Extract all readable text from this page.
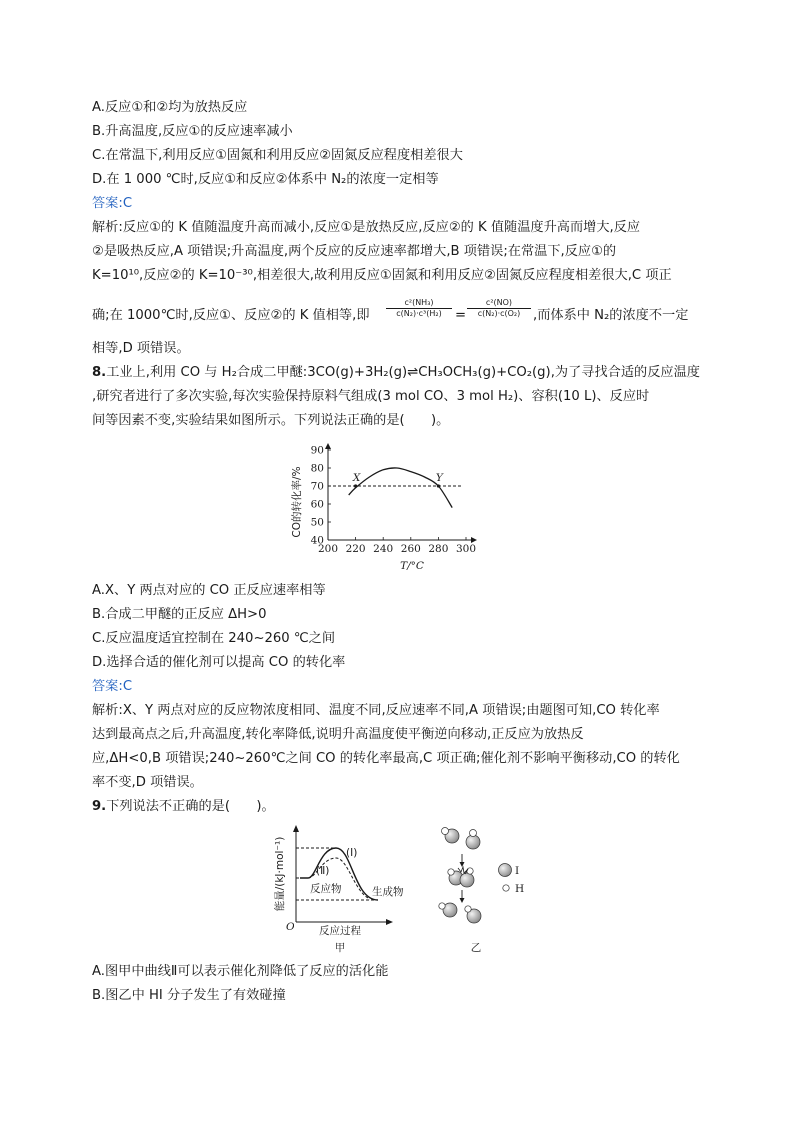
A.反应①和②均为放热反应
B.升高温度,反应①的反应速率减小
C.在常温下,利用反应①固氮和利用反应②固氮反应程度相差很大
D.在 1 000 ℃时,反应①和反应②体系中 N₂的浓度一定相等
答案:C
解析:反应①的 K 值随温度升高而减小,反应①是放热反应,反应②的 K 值随温度升高而增大,反应
②是吸热反应,A 项错误;升高温度,两个反应的反应速率都增大,B 项错误;在常温下,反应①的
K=10¹⁰,反应②的 K=10⁻³⁰,相差很大,故利用反应①固氮和利用反应②固氮反应程度相差很大,C 项正
确;在 1000℃时,反应①、反应②的 K 值相等,即 $\frac{\text{c²(NH₃)}}{\text{c(N₂)·c³(H₂)}} = \frac{\text{c²(NO)}}{\text{c(N₂)·c(O₂)}}$ ,而体系中 N₂的浓度不一定
相等,D 项错误。
8.工业上,利用 CO 与 H₂合成二甲醚:3CO(g)+3H₂(g)⇌CH₃OCH₃(g)+CO₂(g),为了寻找合适的反应温度
,研究者进行了多次实验,每次实验保持原料气组成(3 mol CO、3 mol H₂)、容积(10 L)、反应时
间等因素不变,实验结果如图所示。下列说法正确的是(　　)。
40
50
60
70
80
90
200 220 240 260 280 300
X	Y
CO的转化率/%
T/°C
A.X、Y 两点对应的 CO 正反应速率相等
B.合成二甲醚的正反应 ΔH>0
C.反应温度适宜控制在 240~260 ℃之间
D.选择合适的催化剂可以提高 CO 的转化率
答案:C
解析:X、Y 两点对应的反应物浓度相同、温度不同,反应速率不同,A 项错误;由题图可知,CO 转化率
达到最高点之后,升高温度,转化率降低,说明升高温度使平衡逆向移动,正反应为放热反
应,ΔH<0,B 项错误;240~260℃之间 CO 的转化率最高,C 项正确;催化剂不影响平衡移动,CO 的转化
率不变,D 项错误。
9.下列说法不正确的是(　　)。
能量/(kJ·mol⁻¹)	(Ⅰ)
(Ⅱ)
反应物	生成物
O 反应过程
甲
I
H
乙
A.图甲中曲线Ⅱ可以表示催化剂降低了反应的活化能
B.图乙中 HI 分子发生了有效碰撞
